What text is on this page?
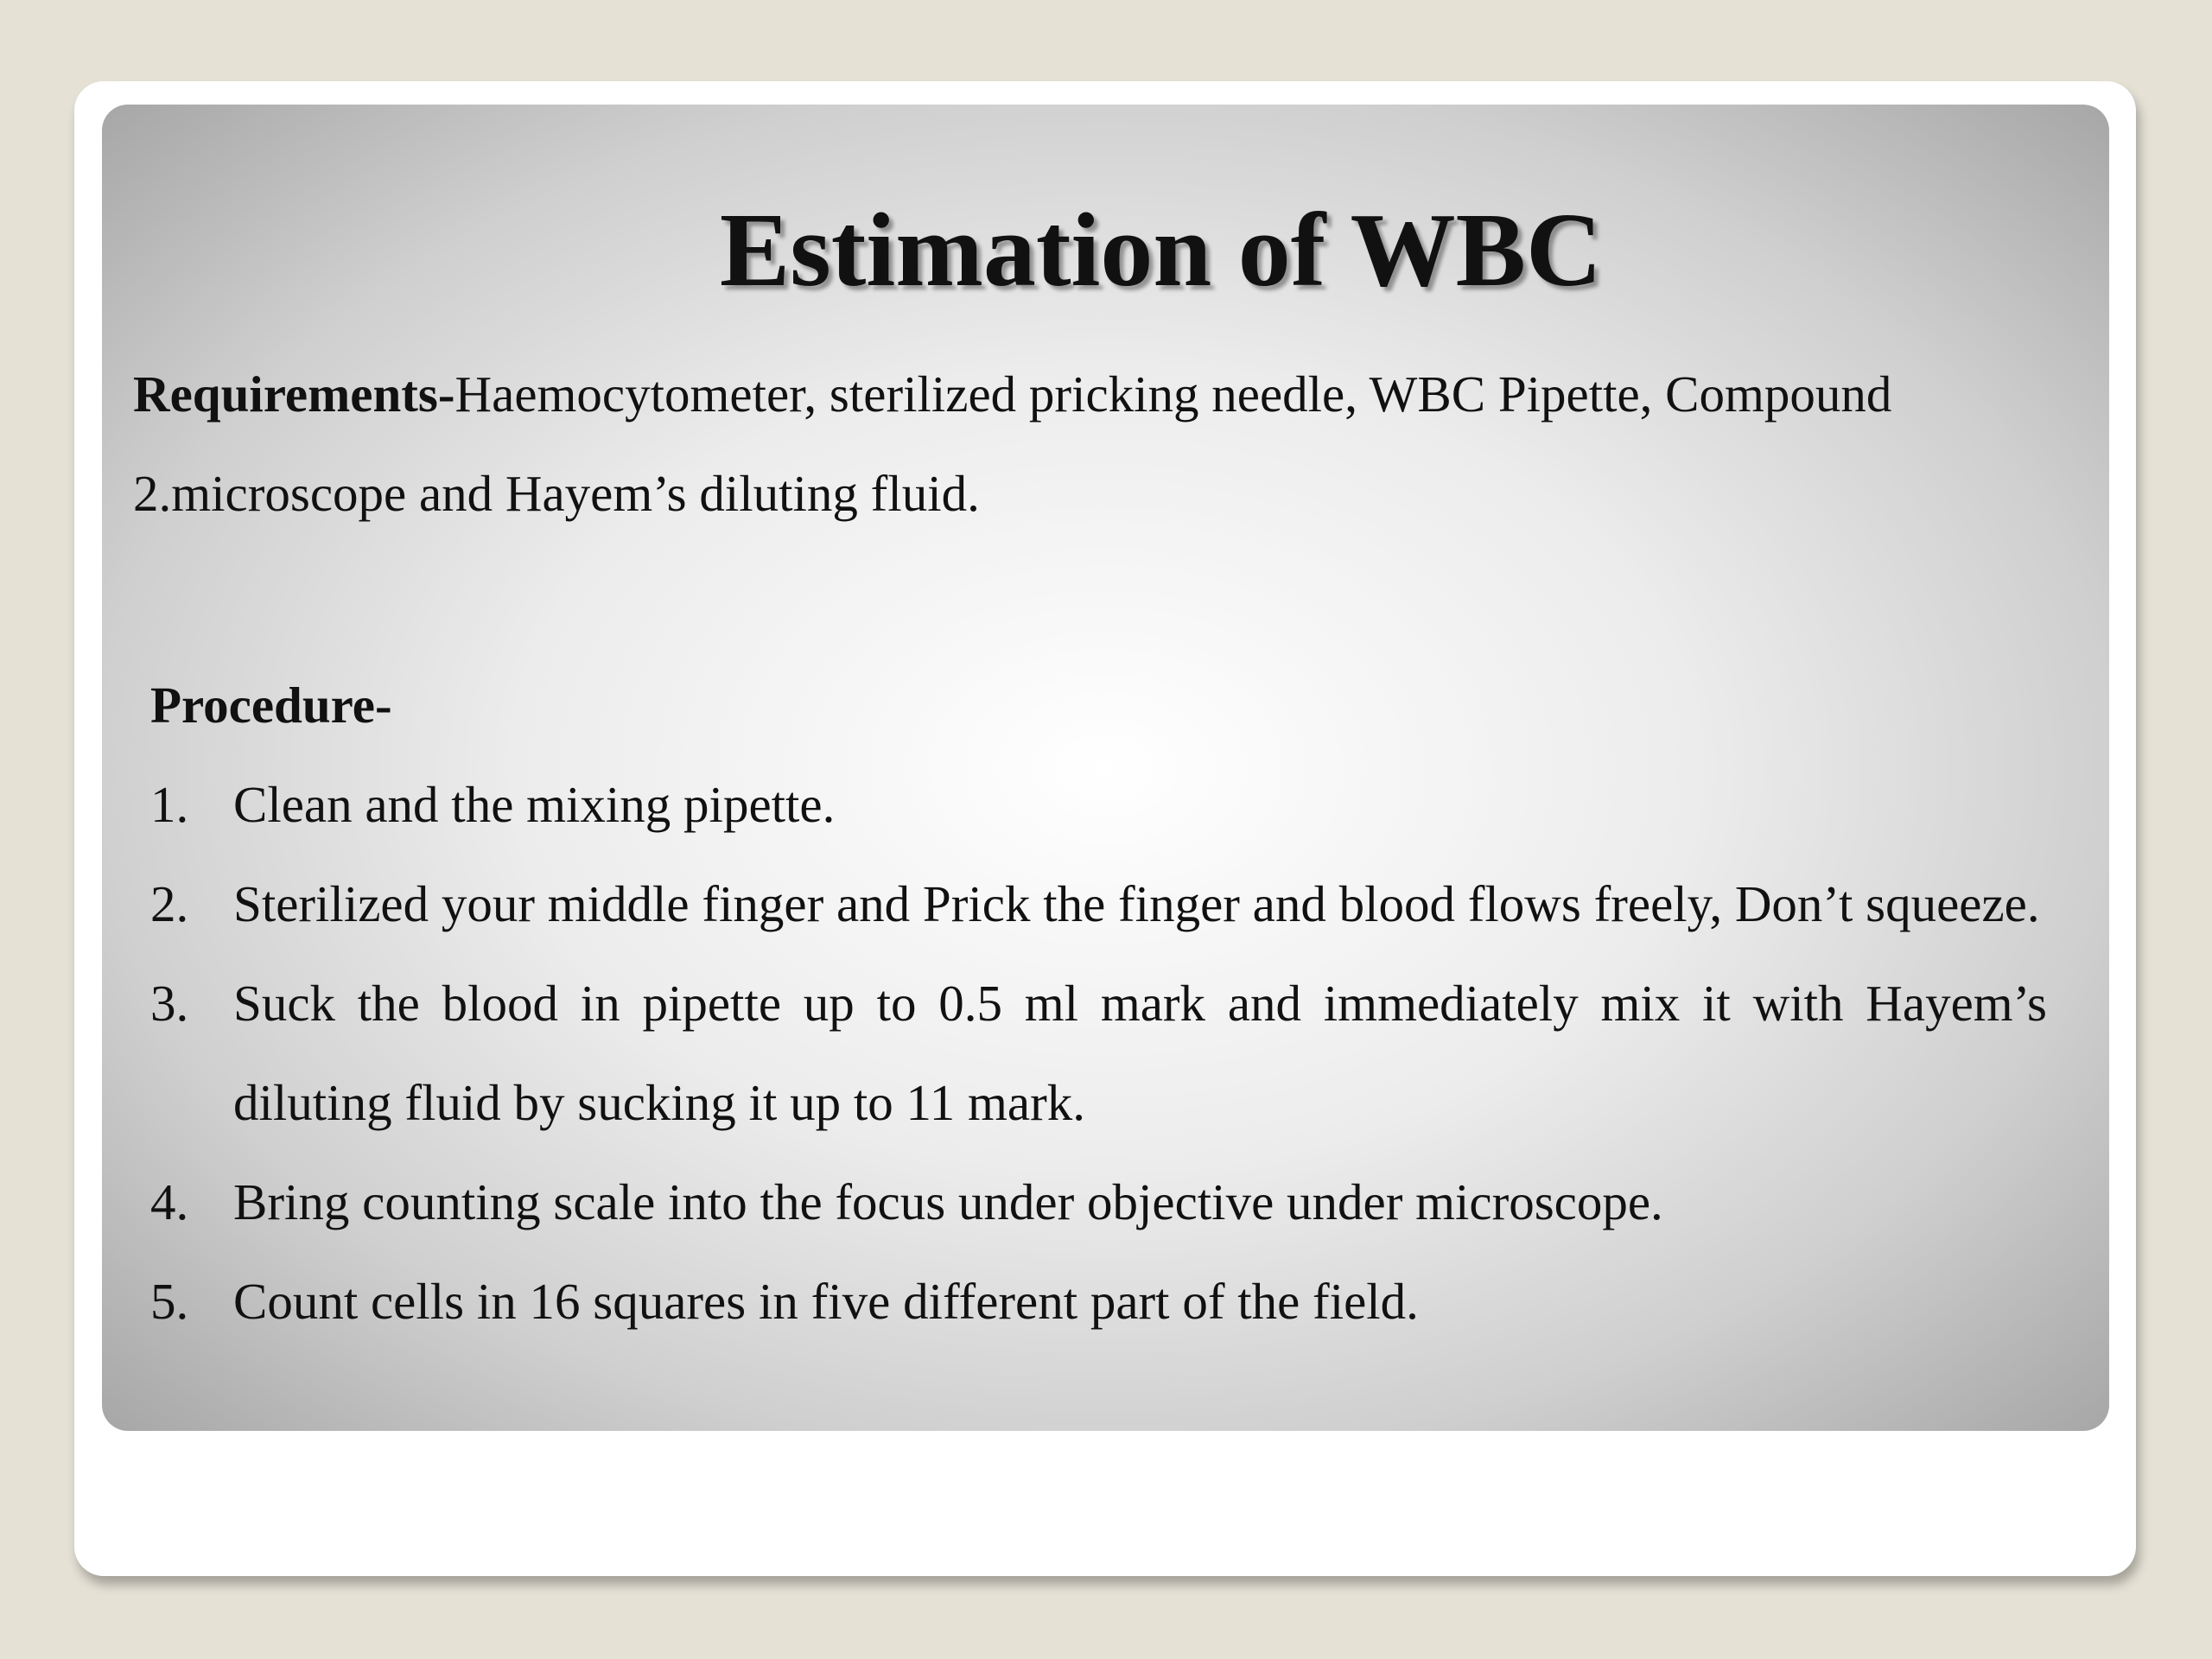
Estimation of WBC

Requirements-Haemocytometer, sterilized pricking needle, WBC Pipette, Compound
2.microscope and Hayem’s diluting fluid.

Procedure-

1. Clean and the mixing pipette.
2. Sterilized your middle finger and Prick the finger and blood flows freely, Don’t squeeze.
3. Suck the blood in pipette up to 0.5 ml mark and immediately mix it with Hayem’s diluting fluid by sucking it up to 11 mark.
4. Bring counting scale into the focus under objective under microscope.
5. Count cells in 16 squares in five different part of the field.
